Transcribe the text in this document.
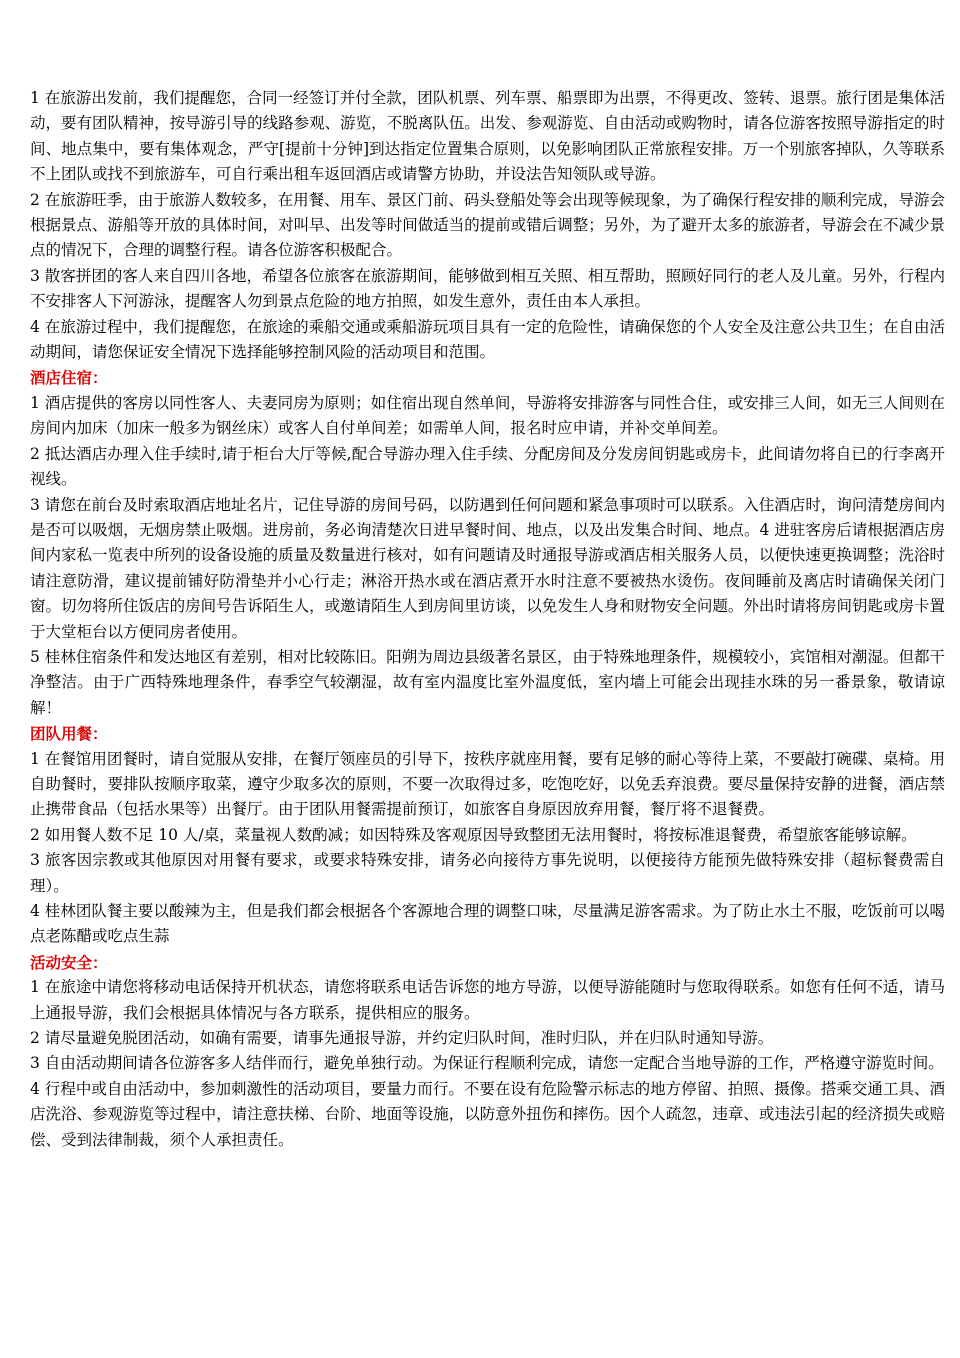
1 在旅游出发前，我们提醒您，合同一经签订并付全款，团队机票、列车票、船票即为出票，不得更改、签转、退票。旅行团是集体活动，要有团队精神，按导游引导的线路参观、游览，不脱离队伍。出发、参观游览、自由活动或购物时，请各位游客按照导游指定的时间、地点集中，要有集体观念，严守[提前十分钟]到达指定位置集合原则，以免影响团队正常旅程安排。万一个别旅客掉队，久等联系不上团队或找不到旅游车，可自行乘出租车返回酒店或请警方协助，并设法告知领队或导游。

2 在旅游旺季，由于旅游人数较多，在用餐、用车、景区门前、码头登船处等会出现等候现象，为了确保行程安排的顺利完成，导游会根据景点、游船等开放的具体时间，对叫早、出发等时间做适当的提前或错后调整；另外，为了避开太多的旅游者，导游会在不减少景点的情况下，合理的调整行程。请各位游客积极配合。

3 散客拼团的客人来自四川各地，希望各位旅客在旅游期间，能够做到相互关照、相互帮助，照顾好同行的老人及儿童。另外，行程内不安排客人下河游泳，提醒客人勿到景点危险的地方拍照，如发生意外，责任由本人承担。

4 在旅游过程中，我们提醒您，在旅途的乘船交通或乘船游玩项目具有一定的危险性，请确保您的个人安全及注意公共卫生；在自由活动期间，请您保证安全情况下选择能够控制风险的活动项目和范围。

酒店住宿：

1 酒店提供的客房以同性客人、夫妻同房为原则；如住宿出现自然单间，导游将安排游客与同性合住，或安排三人间，如无三人间则在房间内加床（加床一般多为钢丝床）或客人自付单间差；如需单人间，报名时应申请，并补交单间差。

2 抵达酒店办理入住手续时,请于柜台大厅等候,配合导游办理入住手续、分配房间及分发房间钥匙或房卡，此间请勿将自已的行李离开视线。

3 请您在前台及时索取酒店地址名片，记住导游的房间号码，以防遇到任何问题和紧急事项时可以联系。入住酒店时，询问清楚房间内是否可以吸烟，无烟房禁止吸烟。进房前，务必询清楚次日进早餐时间、地点，以及出发集合时间、地点。4 进驻客房后请根据酒店房间内家私一览表中所列的设备设施的质量及数量进行核对，如有问题请及时通报导游或酒店相关服务人员，以便快速更换调整；洗浴时请注意防滑，建议提前铺好防滑垫并小心行走；淋浴开热水或在酒店煮开水时注意不要被热水烫伤。夜间睡前及离店时请确保关闭门窗。切勿将所住饭店的房间号告诉陌生人，或邀请陌生人到房间里访谈，以免发生人身和财物安全问题。外出时请将房间钥匙或房卡置于大堂柜台以方便同房者使用。

5 桂林住宿条件和发达地区有差别，相对比较陈旧。阳朔为周边县级著名景区，由于特殊地理条件，规模较小，宾馆相对潮湿。但都干净整洁。由于广西特殊地理条件，春季空气较潮湿，故有室内温度比室外温度低，室内墙上可能会出现挂水珠的另一番景象，敬请谅解！

团队用餐：

1 在餐馆用团餐时，请自觉服从安排，在餐厅领座员的引导下，按秩序就座用餐，要有足够的耐心等待上菜，不要敲打碗碟、桌椅。用自助餐时，要排队按顺序取菜，遵守少取多次的原则，不要一次取得过多，吃饱吃好，以免丢弃浪费。要尽量保持安静的进餐，酒店禁止携带食品（包括水果等）出餐厅。由于团队用餐需提前预订，如旅客自身原因放弃用餐，餐厅将不退餐费。

2 如用餐人数不足 10 人/桌，菜量视人数酌减；如因特殊及客观原因导致整团无法用餐时，将按标准退餐费，希望旅客能够谅解。

3 旅客因宗教或其他原因对用餐有要求，或要求特殊安排，请务必向接待方事先说明，以便接待方能预先做特殊安排（超标餐费需自理）。

4 桂林团队餐主要以酸辣为主，但是我们都会根据各个客源地合理的调整口味，尽量满足游客需求。为了防止水土不服，吃饭前可以喝点老陈醋或吃点生蒜

活动安全：

1 在旅途中请您将移动电话保持开机状态，请您将联系电话告诉您的地方导游，以便导游能随时与您取得联系。如您有任何不适，请马上通报导游，我们会根据具体情况与各方联系，提供相应的服务。

2 请尽量避免脱团活动，如确有需要，请事先通报导游，并约定归队时间，准时归队，并在归队时通知导游。

3 自由活动期间请各位游客多人结伴而行，避免单独行动。为保证行程顺利完成，请您一定配合当地导游的工作，严格遵守游览时间。

4 行程中或自由活动中，参加刺激性的活动项目，要量力而行。不要在设有危险警示标志的地方停留、拍照、摄像。搭乘交通工具、酒店洗浴、参观游览等过程中，请注意扶梯、台阶、地面等设施，以防意外扭伤和摔伤。因个人疏忽，违章、或违法引起的经济损失或赔偿、受到法律制裁，须个人承担责任。
